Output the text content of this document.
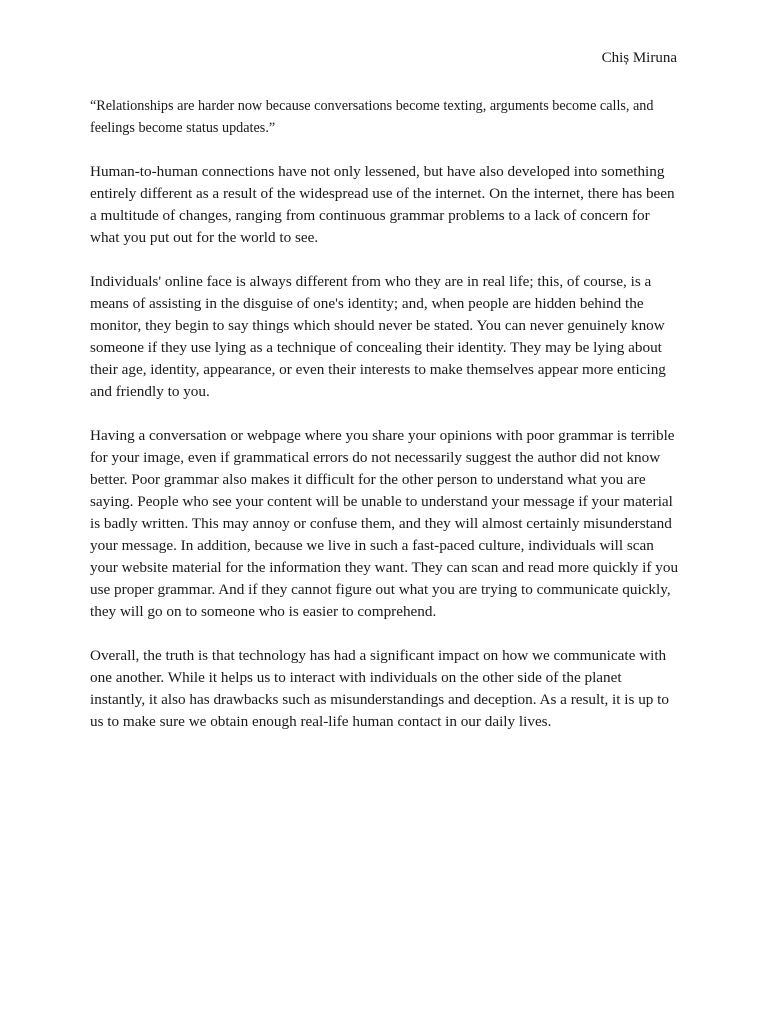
Chiș Miruna

“Relationships are harder now because conversations become texting, arguments become calls, and feelings become status updates.”

Human-to-human connections have not only lessened, but have also developed into something entirely different as a result of the widespread use of the internet. On the internet, there has been a multitude of changes, ranging from continuous grammar problems to a lack of concern for what you put out for the world to see.

Individuals' online face is always different from who they are in real life; this, of course, is a means of assisting in the disguise of one's identity; and, when people are hidden behind the monitor, they begin to say things which should never be stated. You can never genuinely know someone if they use lying as a technique of concealing their identity. They may be lying about their age, identity, appearance, or even their interests to make themselves appear more enticing and friendly to you.

Having a conversation or webpage where you share your opinions with poor grammar is terrible for your image, even if grammatical errors do not necessarily suggest the author did not know better. Poor grammar also makes it difficult for the other person to understand what you are saying. People who see your content will be unable to understand your message if your material is badly written. This may annoy or confuse them, and they will almost certainly misunderstand your message. In addition, because we live in such a fast-paced culture, individuals will scan your website material for the information they want. They can scan and read more quickly if you use proper grammar. And if they cannot figure out what you are trying to communicate quickly, they will go on to someone who is easier to comprehend.

Overall, the truth is that technology has had a significant impact on how we communicate with one another. While it helps us to interact with individuals on the other side of the planet instantly, it also has drawbacks such as misunderstandings and deception. As a result, it is up to us to make sure we obtain enough real-life human contact in our daily lives.
